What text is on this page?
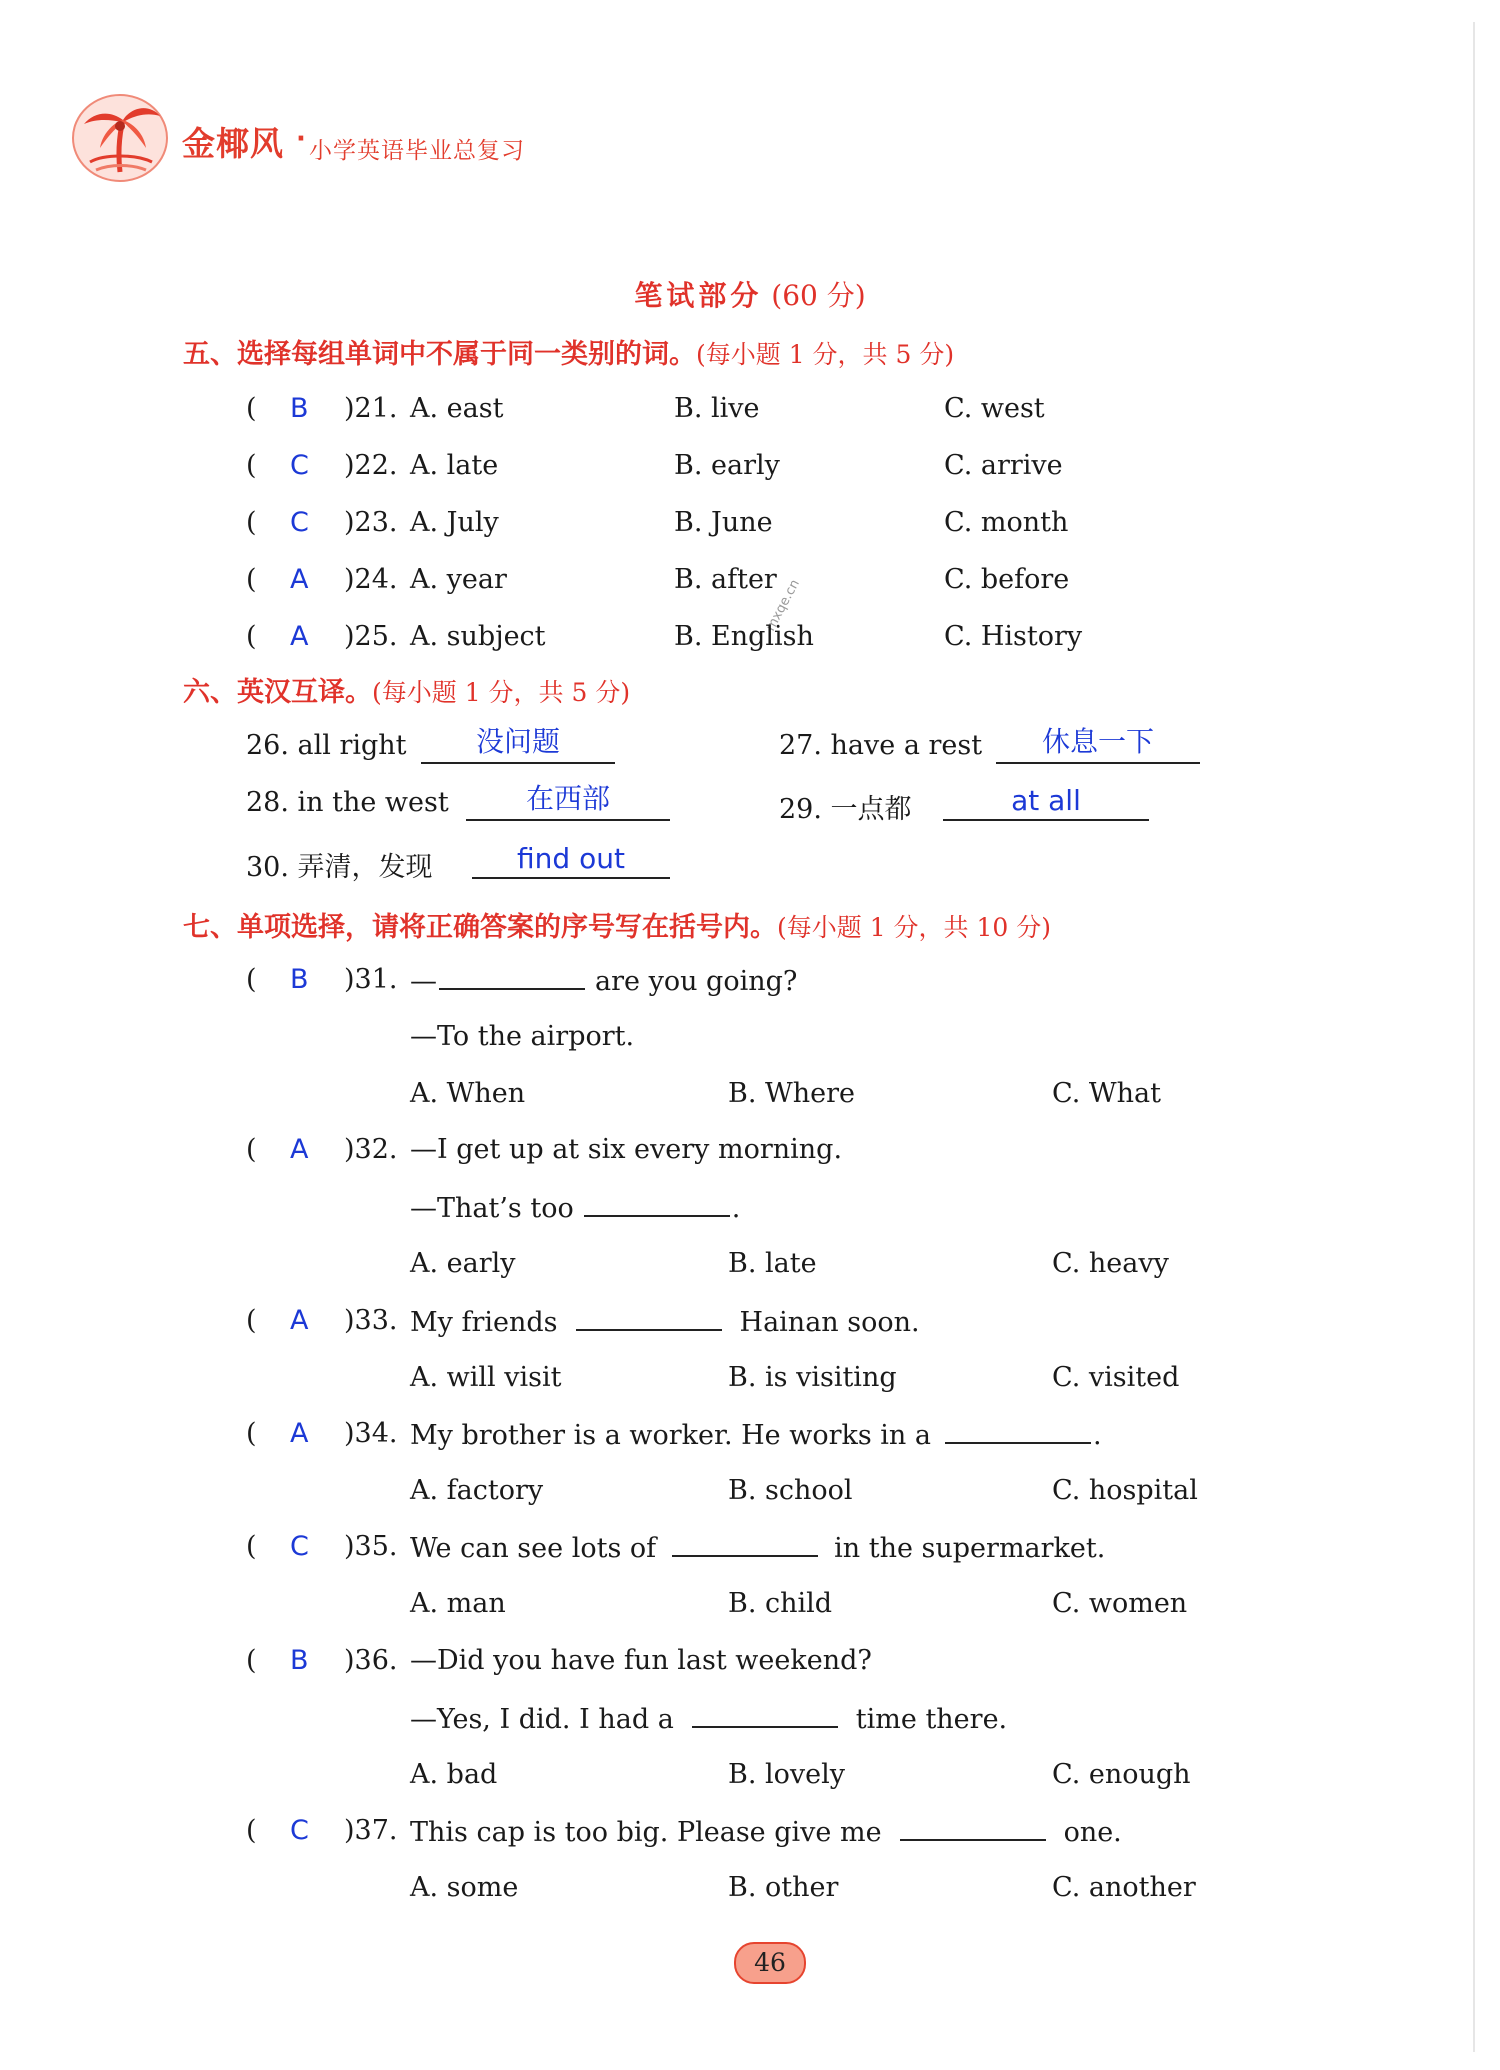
金椰风 · 小学英语毕业总复习
笔试部分 (60 分)
mxqe.cn
五、选择每组单词中不属于同一类别的词。(每小题 1 分，共 5 分)
( B )21. A. east	B. live	C. west
( C )22. A. late	B. early	C. arrive
( C )23. A. July	B. June	C. month
( A )24. A. year	B. after	C. before
( A )25. A. subject	B. English	C. History
六、英汉互译。(每小题 1 分，共 5 分)
26. all right	没问题	27. have a rest	休息一下
28. in the west	在西部	29. 一点都	at all
30. 弄清，发现	find out
七、单项选择，请将正确答案的序号写在括号内。(每小题 1 分，共 10 分)
( B )31. —	are you going?
—To the airport.
A. When	B. Where	C. What
( A )32. —I get up at six every morning.
—That’s too	.
A. early	B. late	C. heavy
( A )33. My friends	Hainan soon.
A. will visit	B. is visiting	C. visited
( A )34. My brother is a worker. He works in a	.
A. factory	B. school	C. hospital
( C )35. We can see lots of	in the supermarket.
A. man	B. child	C. women
( B )36. —Did you have fun last weekend?
—Yes, I did. I had a	time there.
A. bad	B. lovely	C. enough
( C )37. This cap is too big. Please give me	one.
A. some	B. other	C. another
46
